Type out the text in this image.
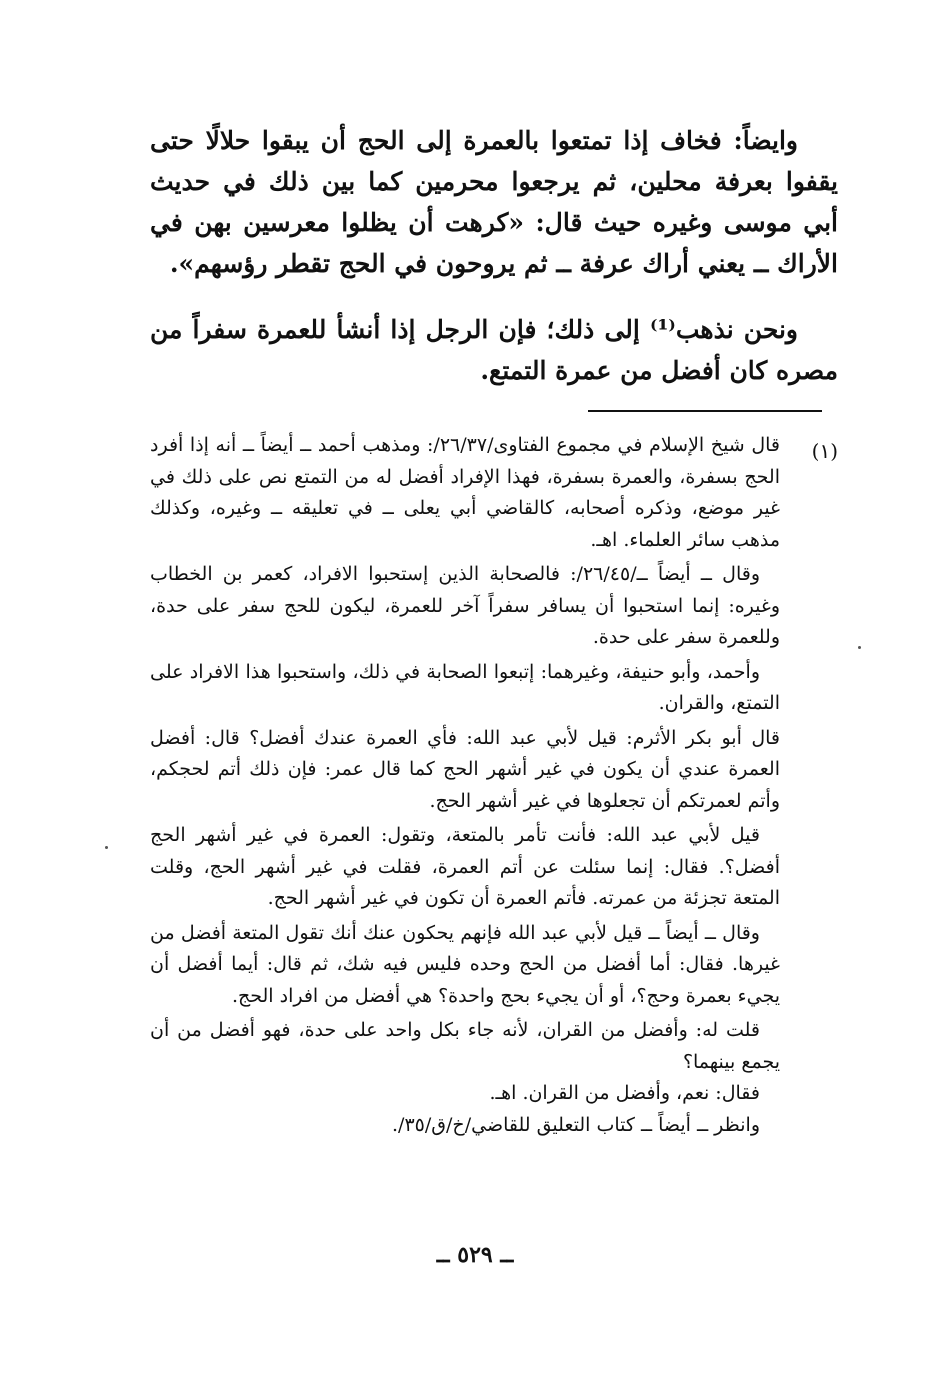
وايضاً: فخاف إذا تمتعوا بالعمرة إلى الحج أن يبقوا حلالًا حتى يقفوا بعرفة محلين، ثم يرجعوا محرمين كما بين ذلك في حديث أبي موسى وغيره حيث قال: «كرهت أن يظلوا معرسين بهن في الأراك ــ يعني أراك عرفة ــ ثم يروحون في الحج تقطر رؤسهم».

ونحن نذهب⁽¹⁾ إلى ذلك؛ فإن الرجل إذا أنشأ للعمرة سفراً من مصره كان أفضل من عمرة التمتع.

(١)

قال شيخ الإسلام في مجموع الفتاوى/٢٦/٣٧/: ومذهب أحمد ــ أيضاً ــ أنه إذا أفرد الحج بسفرة، والعمرة بسفرة، فهذا الإفراد أفضل له من التمتع نص على ذلك في غير موضع، وذكره أصحابه، كالقاضي أبي يعلى ــ في تعليقه ــ وغيره، وكذلك مذهب سائر العلماء. اهـ.

وقال ــ أيضاً ــ/٢٦/٤٥/: فالصحابة الذين إستحبوا الافراد، كعمر بن الخطاب وغيره: إنما استحبوا أن يسافر سفراً آخر للعمرة، ليكون للحج سفر على حدة، وللعمرة سفر على حدة.

وأحمد، وأبو حنيفة، وغيرهما: إتبعوا الصحابة في ذلك، واستحبوا هذا الافراد على التمتع، والقران.

قال أبو بكر الأثرم: قيل لأبي عبد الله: فأي العمرة عندك أفضل؟ قال: أفضل العمرة عندي أن يكون في غير أشهر الحج كما قال عمر: فإن ذلك أتم لحجكم، وأتم لعمرتكم أن تجعلوها في غير أشهر الحج.

قيل لأبي عبد الله: فأنت تأمر بالمتعة، وتقول: العمرة في غير أشهر الحج أفضل؟. فقال: إنما سئلت عن أتم العمرة، فقلت في غير أشهر الحج، وقلت المتعة تجزئة من عمرته. فأتم العمرة أن تكون في غير أشهر الحج.

وقال ــ أيضاً ــ قيل لأبي عبد الله فإنهم يحكون عنك أنك تقول المتعة أفضل من غيرها. فقال: أما أفضل من الحج وحده فليس فيه شك، ثم قال: أيما أفضل أن يجيء بعمرة وحج؟، أو أن يجيء بحج واحدة؟ هي أفضل من افراد الحج.

قلت له: وأفضل من القران، لأنه جاء بكل واحد على حدة، فهو أفضل من أن يجمع بينهما؟

فقال: نعم، وأفضل من القران. اهـ.

وانظر ــ أيضاً ــ كتاب التعليق للقاضي/خ/ق/٣٥/.

ــ ٥٢٩ ــ
